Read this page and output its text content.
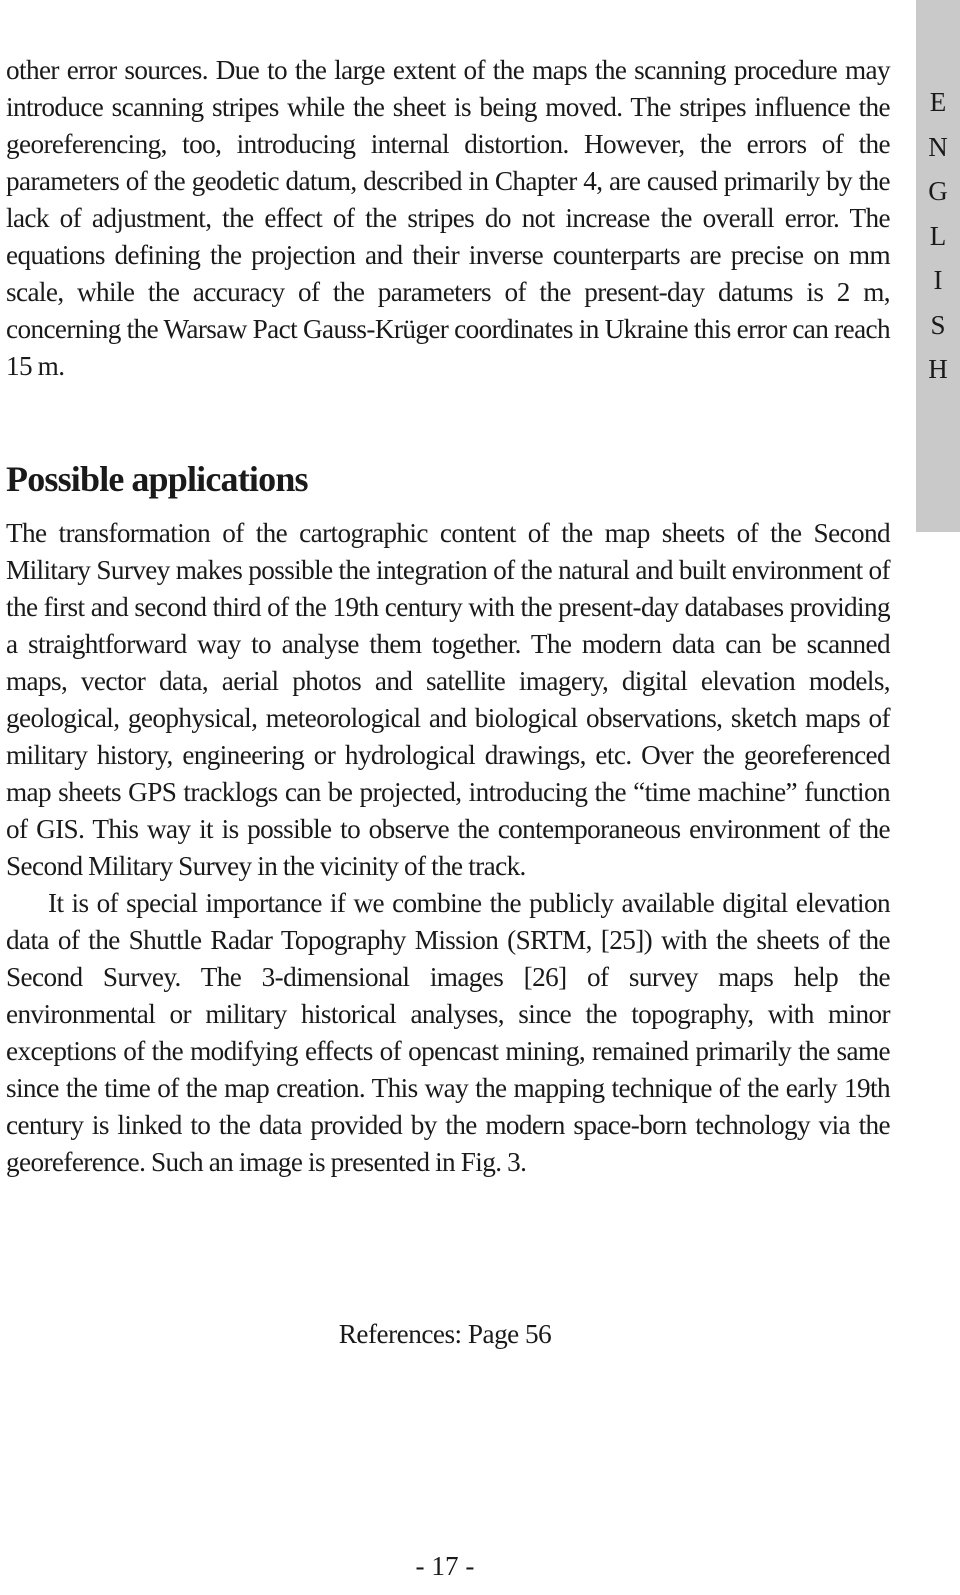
E
N
G
L
I
S
H

other error sources. Due to the large extent of the maps the scanning procedure may introduce scanning stripes while the sheet is being moved. The stripes influence the georeferencing, too, introducing internal distortion. However, the errors of the parameters of the geodetic datum, described in Chapter 4, are caused primarily by the lack of adjustment, the effect of the stripes do not increase the overall error. The equations defining the projection and their inverse counterparts are precise on mm scale, while the accuracy of the parameters of the present-day datums is 2 m, concerning the Warsaw Pact Gauss-Krüger coordinates in Ukraine this error can reach 15 m.

Possible applications

The transformation of the cartographic content of the map sheets of the Second Military Survey makes possible the integration of the natural and built environment of the first and second third of the 19th century with the present-day databases providing a straightforward way to analyse them together. The modern data can be scanned maps, vector data, aerial photos and satellite imagery, digital elevation models, geological, geophysical, meteorological and biological observations, sketch maps of military history, engineering or hydrological drawings, etc. Over the georeferenced map sheets GPS tracklogs can be projected, introducing the “time machine” function of GIS. This way it is possible to observe the contemporaneous environment of the Second Military Survey in the vicinity of the track.

It is of special importance if we combine the publicly available digital elevation data of the Shuttle Radar Topography Mission (SRTM, [25]) with the sheets of the Second Survey. The 3-dimensional images [26] of survey maps help the environmental or military historical analyses, since the topography, with minor exceptions of the modifying effects of opencast mining, remained primarily the same since the time of the map creation. This way the mapping technique of the early 19th century is linked to the data provided by the modern space-born technology via the georeference. Such an image is presented in Fig. 3.

References: Page 56
- 17 -
